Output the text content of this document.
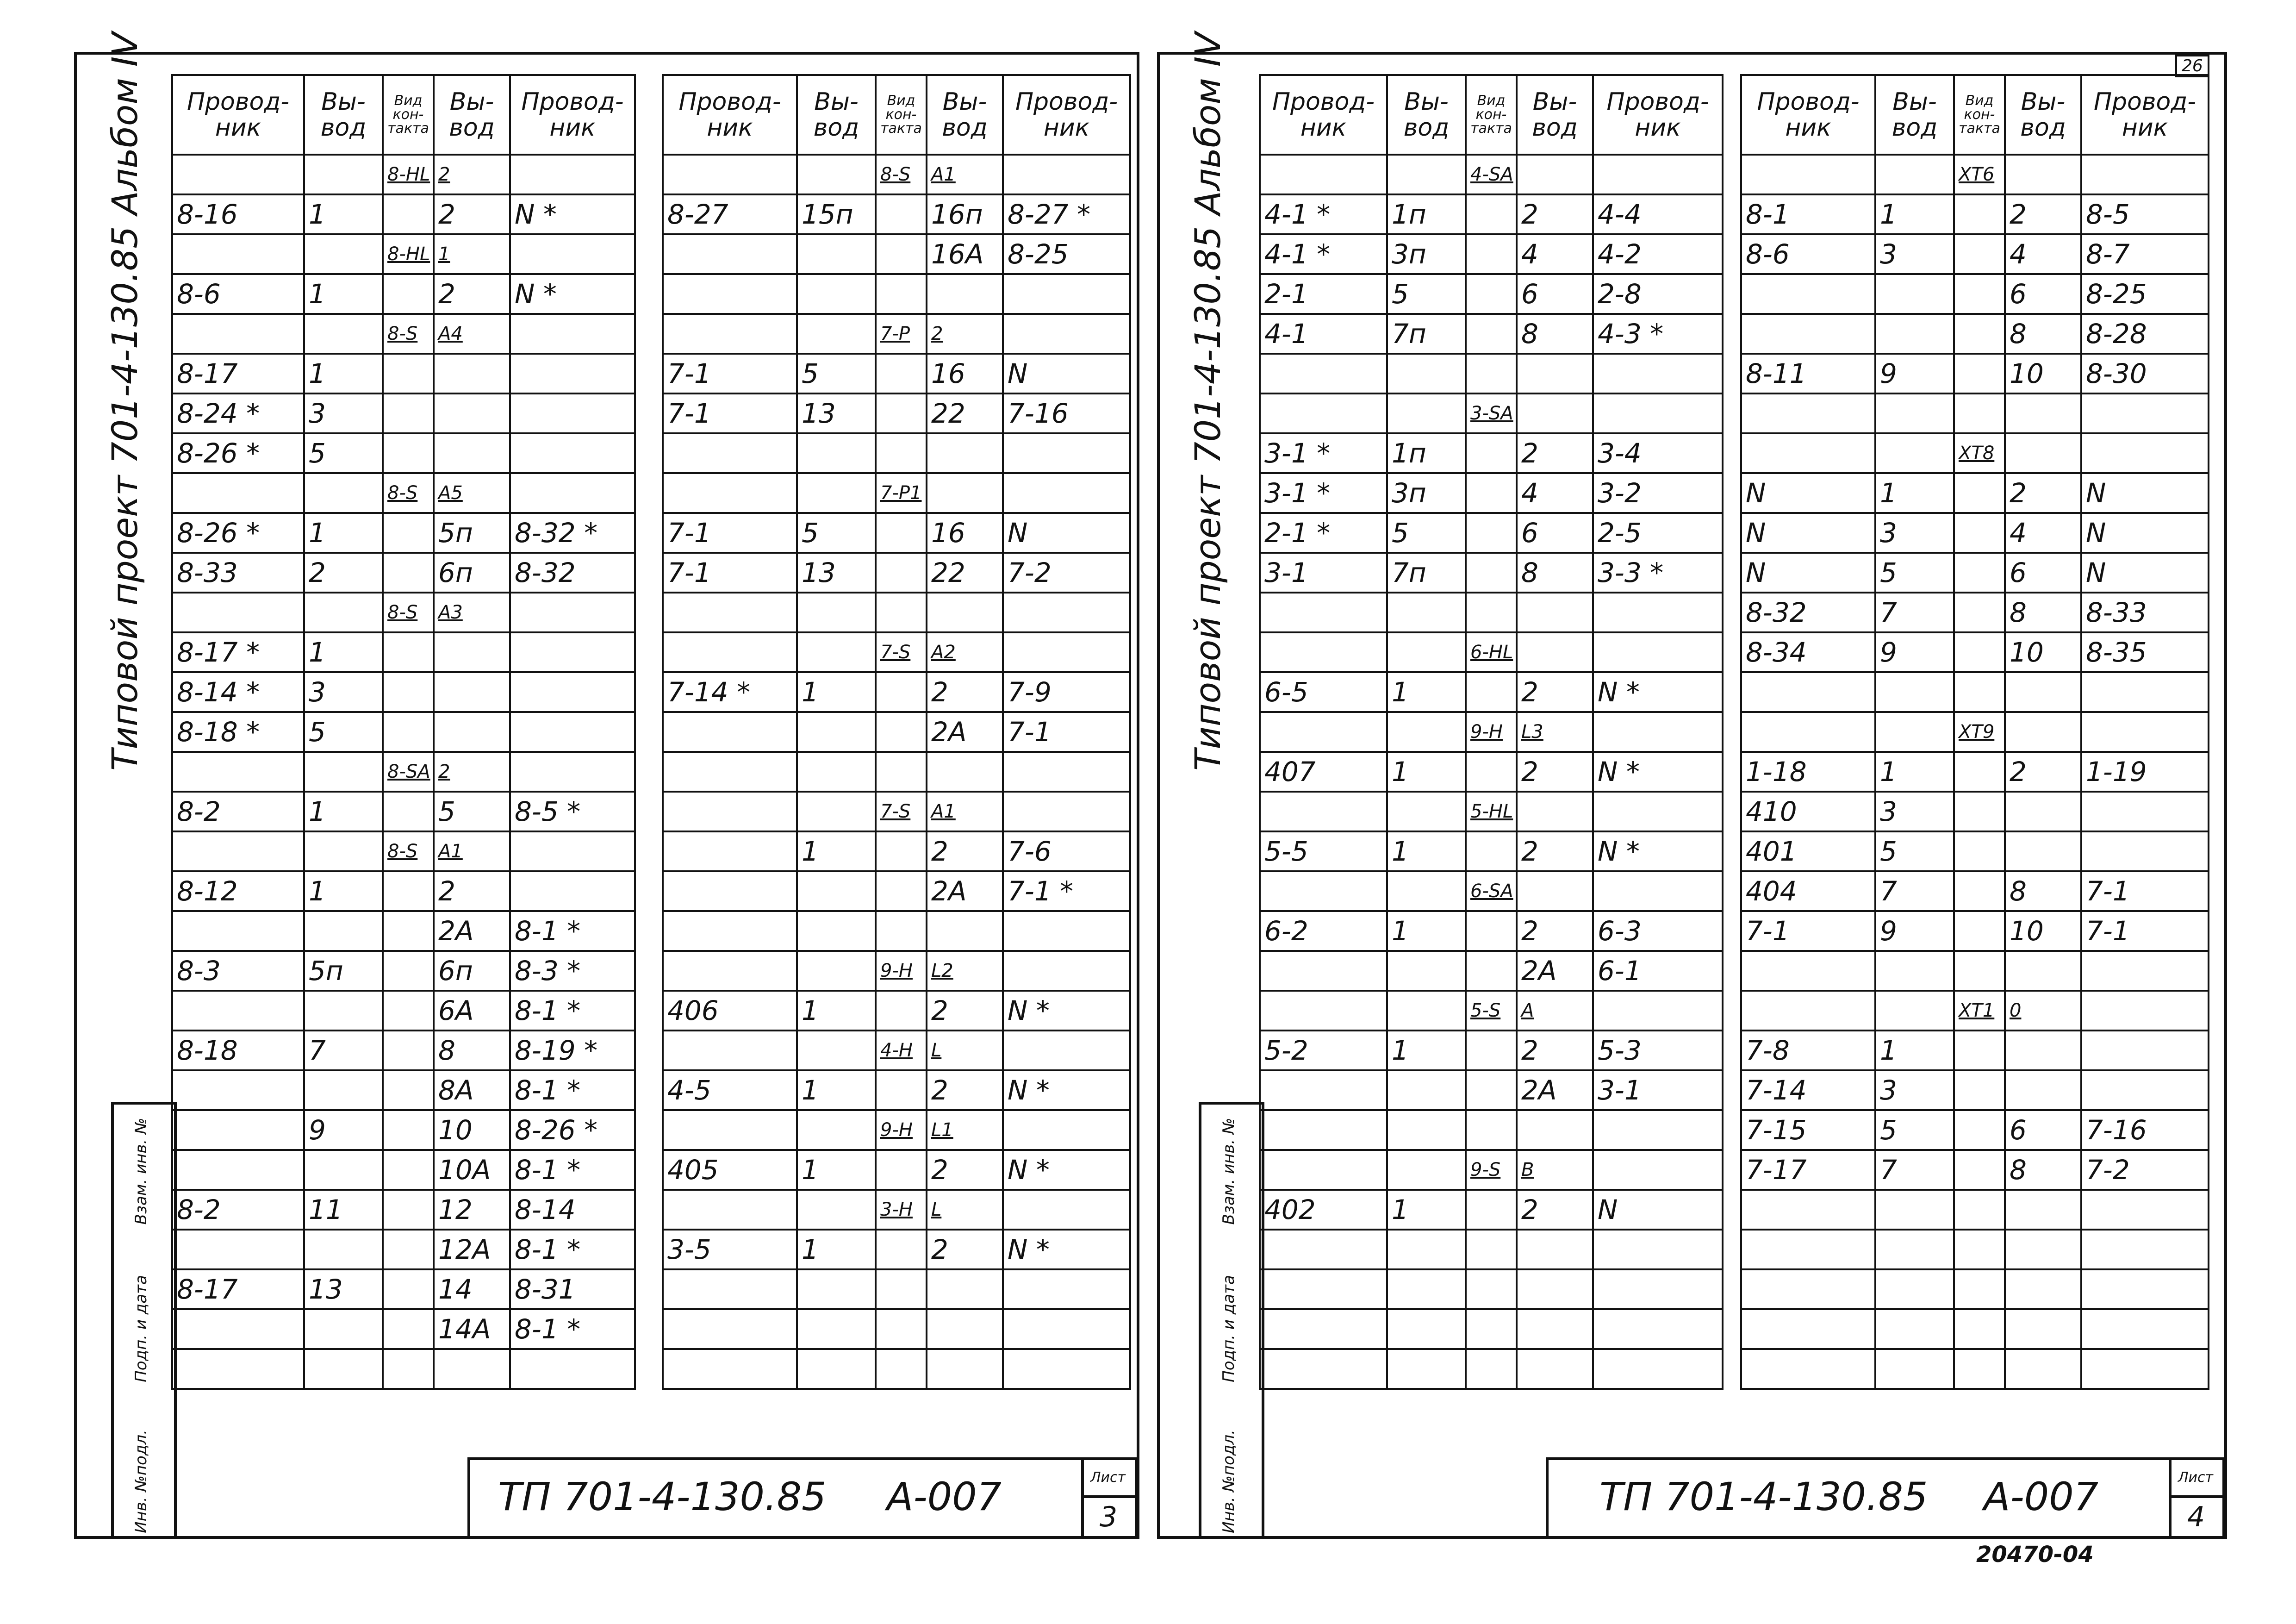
Типовой проект 701-4-130.85 Альбом IV
Инв. №подл.
Подп. и дата
Взам. инв. №
Провод- ник	Вы- вод	Вид кон- такта	Вы- вод	Провод- ник
		8-HL	2	
8-16	1		2	N *
		8-HL	1	
8-6	1		2	N *
		8-S	A4	
8-17	1			
8-24 *	3			
8-26 *	5			
		8-S	A5	
8-26 *	1		5п	8-32 *
8-33	2		6п	8-32
		8-S	A3	
8-17 *	1			
8-14 *	3			
8-18 *	5			
		8-SA	2	
8-2	1		5	8-5 *
		8-S	A1	
8-12	1		2	
			2A	8-1 *
8-3	5п		6п	8-3 *
			6A	8-1 *
8-18	7		8	8-19 *
			8A	8-1 *
	9		10	8-26 *
			10A	8-1 *
8-2	11		12	8-14
			12A	8-1 *
8-17	13		14	8-31
			14A	8-1 *

Провод- ник	Вы- вод	Вид кон- такта	Вы- вод	Провод- ник
		8-S	A1	
8-27	15п		16п	8-27 *
			16A	8-25

		7-P	2	
7-1	5		16	N
7-1	13		22	7-16

		7-P1		
7-1	5		16	N
7-1	13		22	7-2

		7-S	A2	
7-14 *	1		2	7-9
			2A	7-1

		7-S	A1	
	1		2	7-6
			2A	7-1 *

		9-H	L2	
406	1		2	N *
		4-H	L	
4-5	1		2	N *
		9-H	L1	
405	1		2	N *
		3-H	L	
3-5	1		2	N *

ТП 701-4-130.85 А-007	Лист
3
Типовой проект 701-4-130.85 Альбом IV
Инв. №подл.
Подп. и дата
Взам. инв. №
26
Провод- ник	Вы- вод	Вид кон- такта	Вы- вод	Провод- ник
		4-SA		
4-1 *	1п		2	4-4
4-1 *	3п		4	4-2
2-1	5		6	2-8
4-1	7п		8	4-3 *

		3-SA		
3-1 *	1п		2	3-4
3-1 *	3п		4	3-2
2-1 *	5		6	2-5
3-1	7п		8	3-3 *

		6-HL		
6-5	1		2	N *
		9-H	L3	
407	1		2	N *
		5-HL		
5-5	1		2	N *
		6-SA		
6-2	1		2	6-3
			2A	6-1
		5-S	A	
5-2	1		2	5-3
			2A	3-1

		9-S	B	
402	1		2	N

Провод- ник	Вы- вод	Вид кон- такта	Вы- вод	Провод- ник
		XT6		
8-1	1		2	8-5
8-6	3		4	8-7
			6	8-25
			8	8-28
8-11	9		10	8-30

		XT8		
N	1		2	N
N	3		4	N
N	5		6	N
8-32	7		8	8-33
8-34	9		10	8-35

		XT9		
1-18	1		2	1-19
410	3			
401	5			
404	7		8	7-1
7-1	9		10	7-1

		XT1	0	
7-8	1			
7-14	3			
7-15	5		6	7-16
7-17	7		8	7-2

ТП 701-4-130.85 А-007	Лист
4
20470-04
